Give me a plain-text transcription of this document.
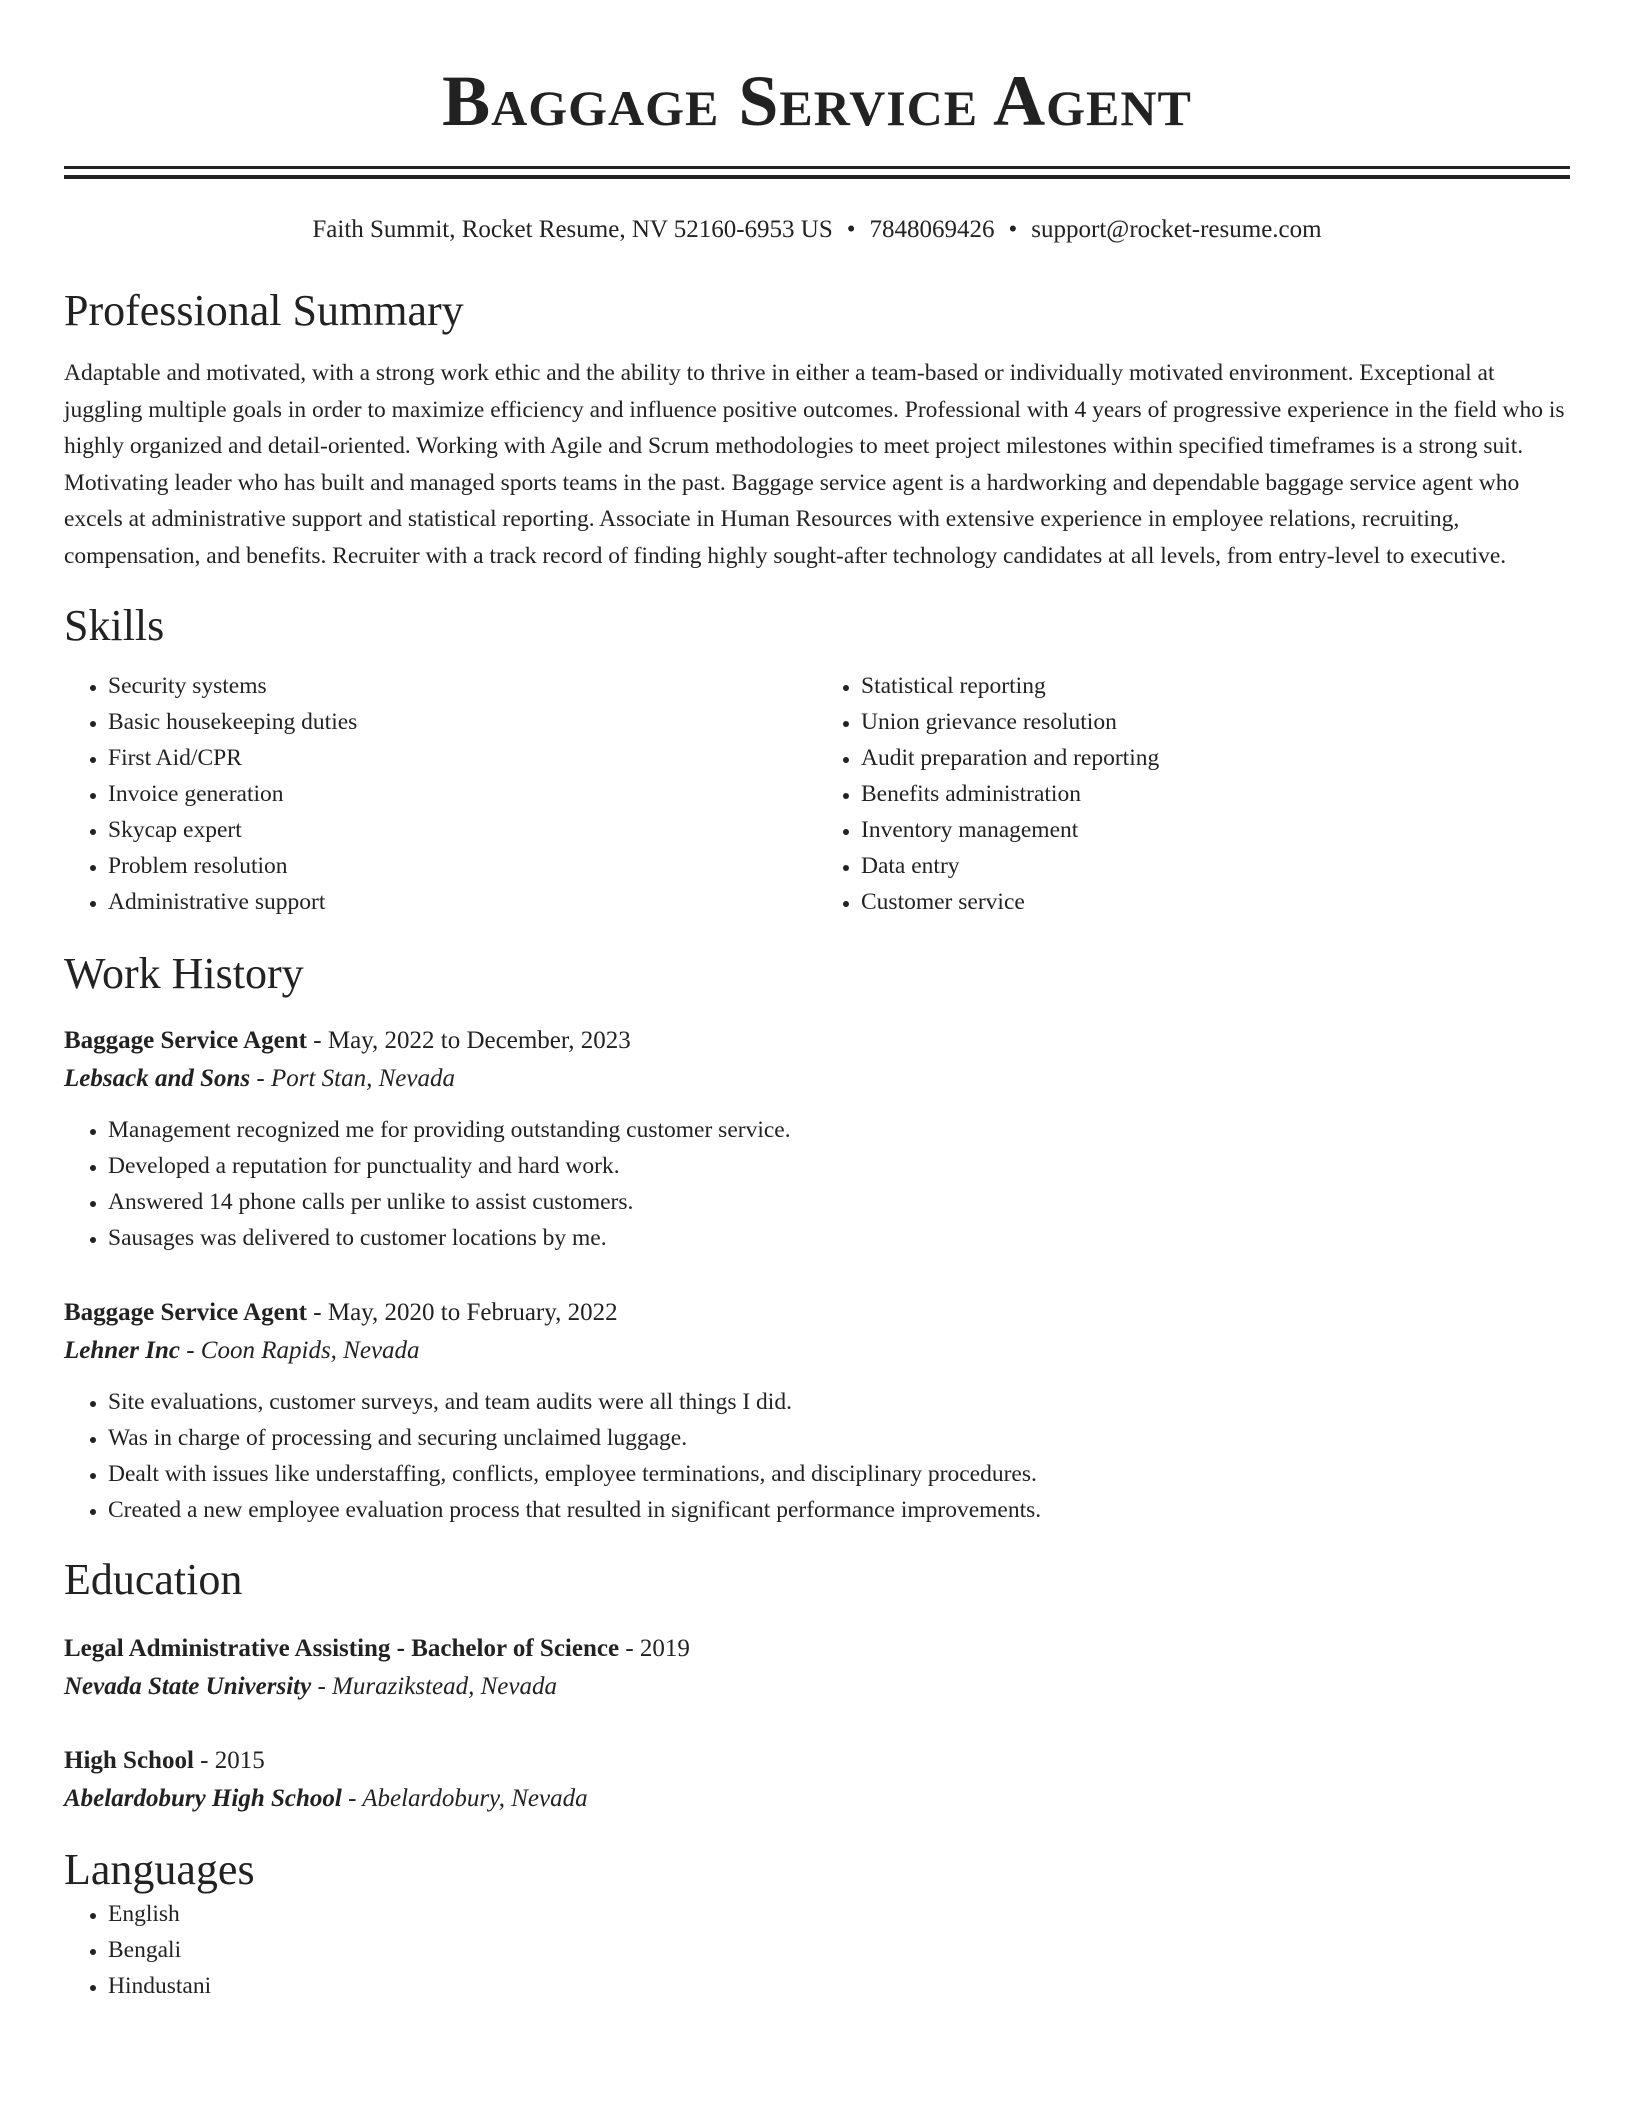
Baggage Service Agent
Faith Summit, Rocket Resume, NV 52160-6953 US • 7848069426 • support@rocket-resume.com
Professional Summary

Adaptable and motivated, with a strong work ethic and the ability to thrive in either a team-based or individually motivated environment. Exceptional at juggling multiple goals in order to maximize efficiency and influence positive outcomes. Professional with 4 years of progressive experience in the field who is highly organized and detail-oriented. Working with Agile and Scrum methodologies to meet project milestones within specified timeframes is a strong suit. Motivating leader who has built and managed sports teams in the past. Baggage service agent is a hardworking and dependable baggage service agent who excels at administrative support and statistical reporting. Associate in Human Resources with extensive experience in employee relations, recruiting, compensation, and benefits. Recruiter with a track record of finding highly sought-after technology candidates at all levels, from entry-level to executive.

Skills
• Security systems
• Basic housekeeping duties
• First Aid/CPR
• Invoice generation
• Skycap expert
• Problem resolution
• Administrative support
• Statistical reporting
• Union grievance resolution
• Audit preparation and reporting
• Benefits administration
• Inventory management
• Data entry
• Customer service
Work History
Baggage Service Agent - May, 2022 to December, 2023
Lebsack and Sons - Port Stan, Nevada
• Management recognized me for providing outstanding customer service.
• Developed a reputation for punctuality and hard work.
• Answered 14 phone calls per unlike to assist customers.
• Sausages was delivered to customer locations by me.
Baggage Service Agent - May, 2020 to February, 2022
Lehner Inc - Coon Rapids, Nevada
• Site evaluations, customer surveys, and team audits were all things I did.
• Was in charge of processing and securing unclaimed luggage.
• Dealt with issues like understaffing, conflicts, employee terminations, and disciplinary procedures.
• Created a new employee evaluation process that resulted in significant performance improvements.
Education
Legal Administrative Assisting - Bachelor of Science - 2019
Nevada State University - Murazikstead, Nevada
High School - 2015
Abelardobury High School - Abelardobury, Nevada
Languages
• English
• Bengali
• Hindustani
